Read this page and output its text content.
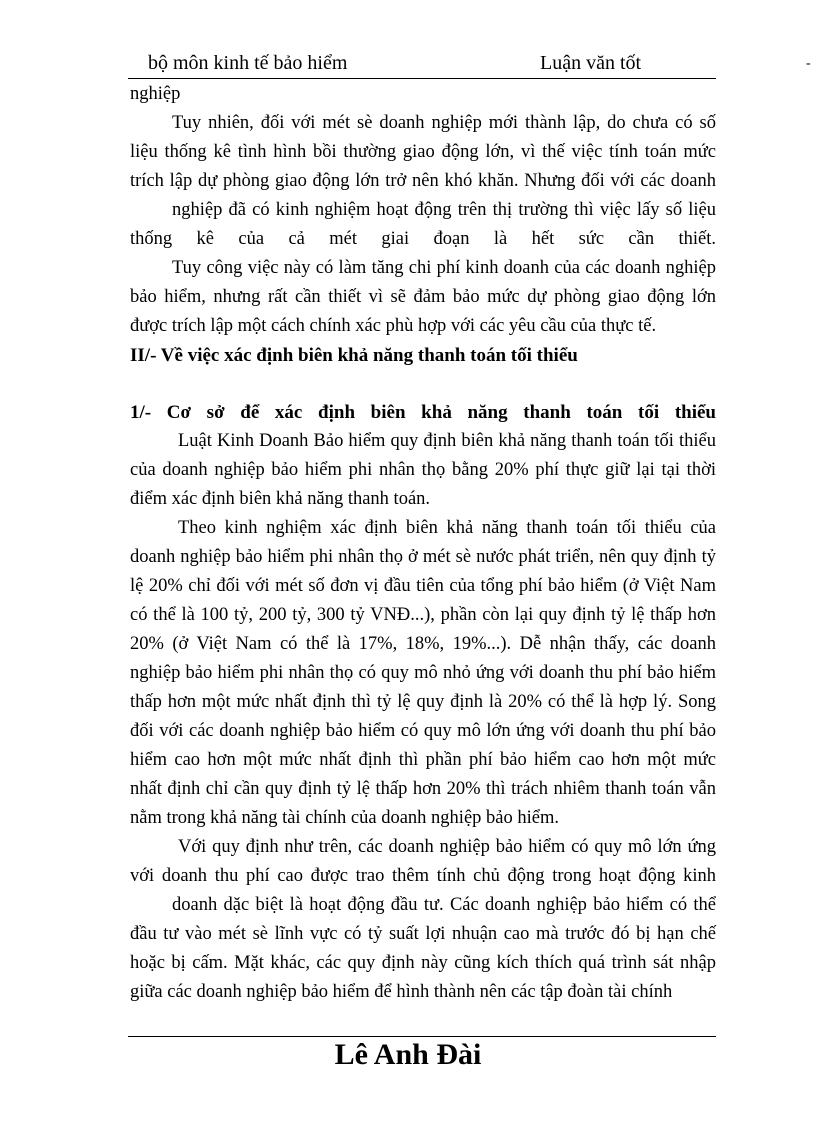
bộ môn kinh tế bảo hiểm	Luận văn tốt	-
nghiệp
Tuy nhiên, đối với mét sè doanh nghiệp mới thành lập, do chưa có số
liệu thống kê tình hình bồi thường giao động lớn, vì thế việc tính toán mức
trích lập dự phòng giao động lớn trở nên khó khăn. Nhưng đối với các doanh
nghiệp đã có kinh nghiệm hoạt động trên thị trường thì việc lấy số liệu
thống kê của cả mét giai đoạn là hết sức cần thiết.
Tuy công việc này có làm tăng chi phí kinh doanh của các doanh nghiệp
bảo hiểm, nhưng rất cần thiết vì sẽ đảm bảo mức dự phòng giao động lớn
được trích lập một cách chính xác phù hợp với các yêu cầu của thực tế.
II/- Về việc xác định biên khả năng thanh toán tối thiểu
1/- Cơ sở để xác định biên khả năng thanh toán tối thiểu
Luật Kinh Doanh Bảo hiểm quy định biên khả năng thanh toán tối thiểu
của doanh nghiệp bảo hiểm phi nhân thọ bằng 20% phí thực giữ lại tại thời
điểm xác định biên khả năng thanh toán.
Theo kinh nghiệm xác định biên khả năng thanh toán tối thiểu của
doanh nghiệp bảo hiểm phi nhân thọ ở mét sè nước phát triển, nên quy định tỷ
lệ 20% chỉ đối với mét số đơn vị đầu tiên của tổng phí bảo hiểm (ở Việt Nam
có thể là 100 tỷ, 200 tỷ, 300 tỷ VNĐ...), phần còn lại quy định tỷ lệ thấp hơn
20% (ở Việt Nam có thể là 17%, 18%, 19%...). Dễ nhận thấy, các doanh
nghiệp bảo hiểm phi nhân thọ có quy mô nhỏ ứng với doanh thu phí bảo hiểm
thấp hơn một mức nhất định thì tỷ lệ quy định là 20% có thể là hợp lý. Song
đối với các doanh nghiệp bảo hiểm có quy mô lớn ứng với doanh thu phí bảo
hiểm cao hơn một mức nhất định thì phần phí bảo hiểm cao hơn một mức
nhất định chỉ cần quy định tỷ lệ thấp hơn 20% thì trách nhiêm thanh toán vẫn
nằm trong khả năng tài chính của doanh nghiệp bảo hiểm.
Với quy định như trên, các doanh nghiệp bảo hiểm có quy mô lớn ứng
với doanh thu phí cao được trao thêm tính chủ động trong hoạt động kinh
doanh dặc biệt là hoạt động đầu tư. Các doanh nghiệp bảo hiểm có thể
đầu tư vào mét sè lĩnh vực có tỷ suất lợi nhuận cao mà trước đó bị hạn chế
hoặc bị cấm. Mặt khác, các quy định này cũng kích thích quá trình sát nhập
giữa các doanh nghiệp bảo hiểm để hình thành nên các tập đoàn tài chính
Lê Anh Đài
